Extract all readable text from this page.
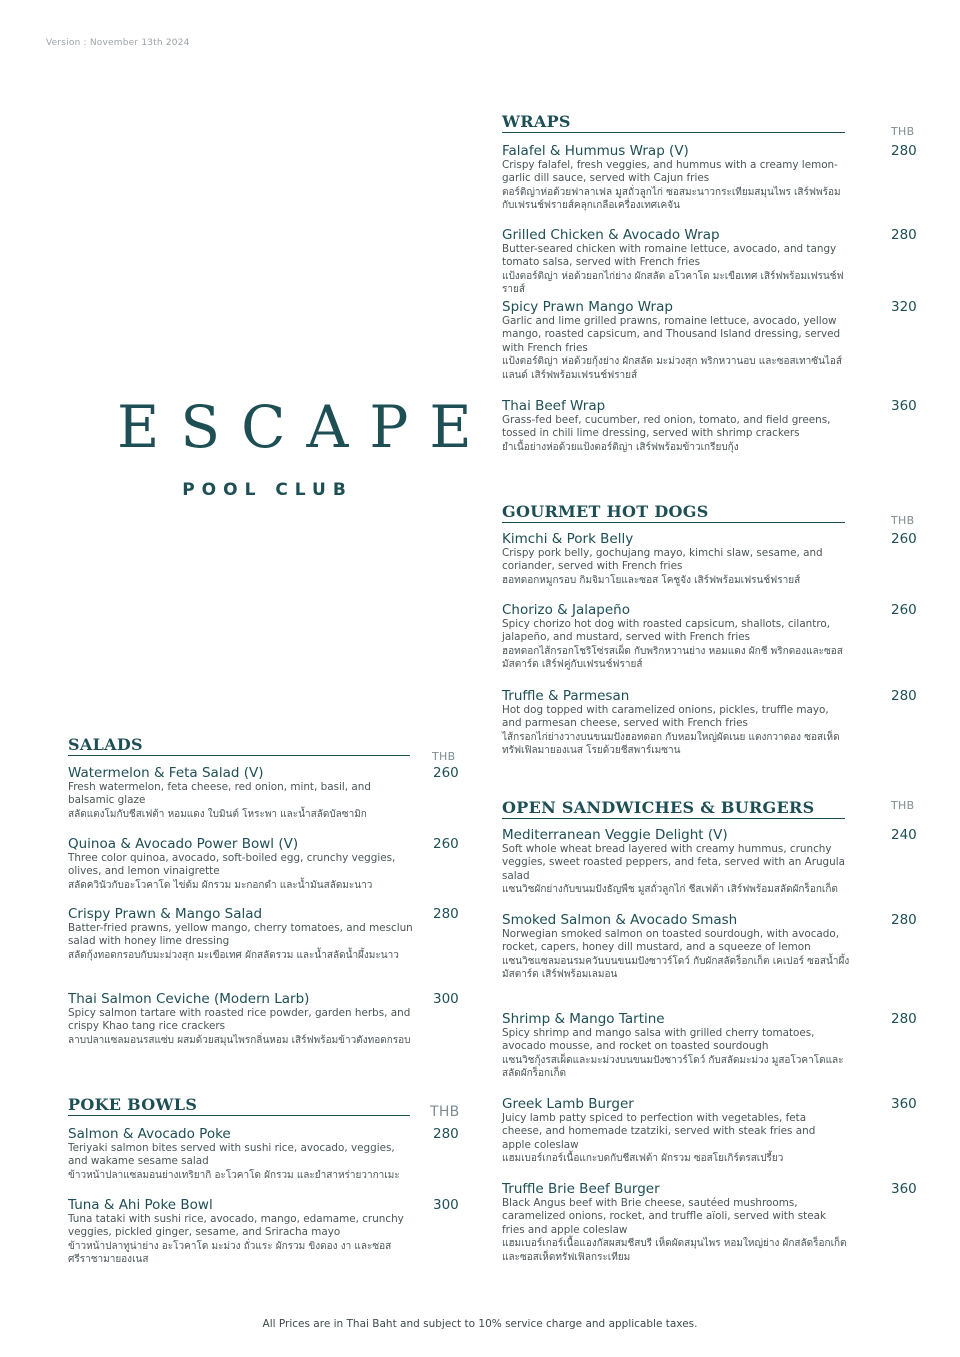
Version : November 13th 2024
ESCAPE
POOL CLUB
SALADS
THB
Watermelon & Feta Salad (V)
Fresh watermelon, feta cheese, red onion, mint, basil, and balsamic glaze
สลัดแตงโมกับชีสเฟต้า หอมแดง ใบมินต์ โหระพา และน้ำสลัดบัลซามิก
260
Quinoa & Avocado Power Bowl (V)
Three color quinoa, avocado, soft-boiled egg, crunchy veggies, olives, and lemon vinaigrette
สลัดควินัวกับอะโวคาโด ไข่ต้ม ผักรวม มะกอกดำ และน้ำมันสลัดมะนาว
260
Crispy Prawn & Mango Salad
Batter-fried prawns, yellow mango, cherry tomatoes, and mesclun salad with honey lime dressing
สลัดกุ้งทอดกรอบกับมะม่วงสุก มะเขือเทศ ผักสลัดรวม และน้ำสลัดน้ำผึ้งมะนาว
280
Thai Salmon Ceviche (Modern Larb)
Spicy salmon tartare with roasted rice powder, garden herbs, and crispy Khao tang rice crackers
ลาบปลาแซลมอนรสแซ่บ ผสมด้วยสมุนไพรกลิ่นหอม เสิร์ฟพร้อมข้าวตังทอดกรอบ
300
POKE BOWLS	THB
Salmon & Avocado Poke
Teriyaki salmon bites served with sushi rice, avocado, veggies, and wakame sesame salad
ข้าวหน้าปลาแซลมอนย่างเทริยากิ อะโวคาโด ผักรวม และยำสาหร่ายวากาเมะ
280
Tuna & Ahi Poke Bowl
Tuna tataki with sushi rice, avocado, mango, edamame, crunchy veggies, pickled ginger, sesame, and Sriracha mayo
ข้าวหน้าปลาทูน่าย่าง อะโวคาโด มะม่วง ถั่วแระ ผักรวม ขิงดอง งา และซอสศรีราชามายองเนส
300
WRAPS
THB
Falafel & Hummus Wrap (V)
Crispy falafel, fresh veggies, and hummus with a creamy lemon-garlic dill sauce, served with Cajun fries
ตอร์ติญ่าห่อด้วยฟาลาเฟล มูสถั่วลูกไก่ ซอสมะนาวกระเทียมสมุนไพร เสิร์ฟพร้อมกับเฟรนช์ฟรายส์คลุกเกลือเครื่องเทศเคจัน
280
Grilled Chicken & Avocado Wrap
Butter-seared chicken with romaine lettuce, avocado, and tangy tomato salsa, served with French fries
แป้งตอร์ติญ่า ห่อด้วยอกไก่ย่าง ผักสลัด อโวคาโด มะเขือเทศ เสิร์ฟพร้อมเฟรนช์ฟรายส์
280
Spicy Prawn Mango Wrap
Garlic and lime grilled prawns, romaine lettuce, avocado, yellow mango, roasted capsicum, and Thousand Island dressing, served with French fries
แป้งตอร์ติญ่า ห่อด้วยกุ้งย่าง ผักสลัด มะม่วงสุก พริกหวานอบ และซอสเทาซันไอส์แลนด์ เสิร์ฟพร้อมเฟรนช์ฟรายส์
320
Thai Beef Wrap
Grass-fed beef, cucumber, red onion, tomato, and field greens, tossed in chili lime dressing, served with shrimp crackers
ยำเนื้อย่างห่อด้วยแป้งตอร์ติญ่า เสิร์ฟพร้อมข้าวเกรียบกุ้ง
360
GOURMET HOT DOGS	THB
Kimchi & Pork Belly
Crispy pork belly, gochujang mayo, kimchi slaw, sesame, and coriander, served with French fries
ฮอทดอกหมูกรอบ กิมจิมาโยและซอส โคชูจัง เสิร์ฟพร้อมเฟรนช์ฟรายส์
260
Chorizo & Jalapeño
Spicy chorizo hot dog with roasted capsicum, shallots, cilantro, jalapeño, and mustard, served with French fries
ฮอทดอกไส้กรอกโชริโซ่รสเผ็ด กับพริกหวานย่าง หอมแดง ผักชี พริกดองและซอสมัสตาร์ด เสิร์ฟคู่กับเฟรนช์ฟรายส์
260
Truffle & Parmesan
Hot dog topped with caramelized onions, pickles, truffle mayo, and parmesan cheese, served with French fries
ไส้กรอกไก่ย่างวางบนขนมปังฮอทดอก กับหอมใหญ่ผัดเนย แตงกวาดอง ซอสเห็ดทรัฟเฟิลมายองเนส โรยด้วยชีสพาร์เมซาน
280
OPEN SANDWICHES & BURGERS	THB
Mediterranean Veggie Delight (V)
Soft whole wheat bread layered with creamy hummus, crunchy veggies, sweet roasted peppers, and feta, served with an Arugula salad
แซนวิชผักย่างกับขนมปังธัญพืช มูสถั่วลูกไก่ ชีสเฟต้า เสิร์ฟพร้อมสลัดผักร็อกเก็ต
240
Smoked Salmon & Avocado Smash
Norwegian smoked salmon on toasted sourdough, with avocado, rocket, capers, honey dill mustard, and a squeeze of lemon
แซนวิชแซลมอนรมควันบนขนมปังซาวร์โดว์ กับผักสลัดร็อกเก็ต เคเปอร์ ซอสน้ำผึ้งมัสตาร์ด เสิร์ฟพร้อมเลมอน
280
Shrimp & Mango Tartine
Spicy shrimp and mango salsa with grilled cherry tomatoes, avocado mousse, and rocket on toasted sourdough
แซนวิชกุ้งรสเผ็ดและมะม่วงบนขนมปังซาวร์โดว์ กับสลัดมะม่วง มูสอโวคาโดและสลัดผักร็อกเก็ต
280
Greek Lamb Burger
Juicy lamb patty spiced to perfection with vegetables, feta cheese, and homemade tzatziki, served with steak fries and apple coleslaw
แฮมเบอร์เกอร์เนื้อแกะบดกับชีสเฟต้า ผักรวม ซอสโยเกิร์ตรสเปรี้ยว
360
Truffle Brie Beef Burger
Black Angus beef with Brie cheese, sautéed mushrooms, caramelized onions, rocket, and truffle aïoli, served with steak fries and apple coleslaw
แฮมเบอร์เกอร์เนื้อแองกัสผสมชีสบรี เห็ดผัดสมุนไพร หอมใหญ่ย่าง ผักสลัดร็อกเก็ต และซอสเห็ดทรัฟเฟิลกระเทียม
360
All Prices are in Thai Baht and subject to 10% service charge and applicable taxes.
